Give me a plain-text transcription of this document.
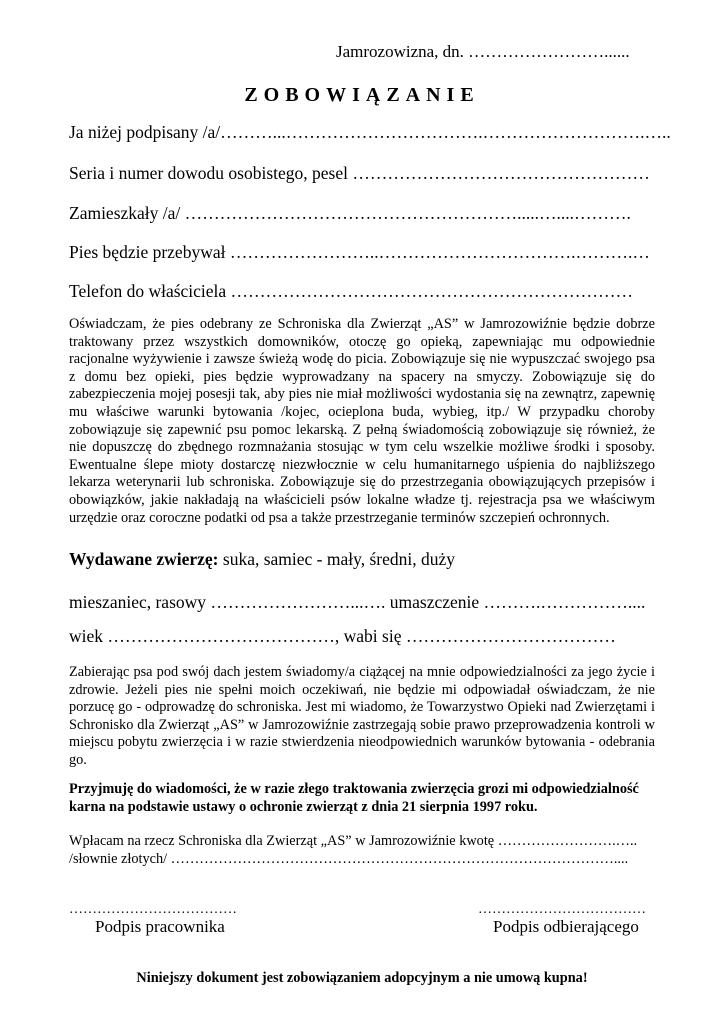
Jamrozowizna, dn. ……………………......
ZOBOWIĄZANIE
Ja niżej podpisany /a/………...…………………………….……………………….…..
Seria i numer dowodu osobistego, pesel ……………………………………………
Zamieszkały /a/ ………………………………………………….....…....……….
Pies będzie przebywał ……………………..…………………………….……….…
Telefon do właściciela ……………………………………………………………
Oświadczam, że pies odebrany ze Schroniska dla Zwierząt „AS” w Jamrozowiźnie będzie dobrze traktowany przez wszystkich domowników, otoczę go opieką, zapewniając mu odpowiednie racjonalne wyżywienie i zawsze świeżą wodę do picia. Zobowiązuje się nie wypuszczać swojego psa z domu bez opieki, pies będzie wyprowadzany na spacery na smyczy. Zobowiązuje się do zabezpieczenia mojej posesji tak, aby pies nie miał możliwości wydostania się na zewnątrz, zapewnię mu właściwe warunki bytowania /kojec, ocieplona buda, wybieg, itp./ W przypadku choroby zobowiązuje się zapewnić psu pomoc lekarską. Z pełną świadomością zobowiązuje się również, że nie dopuszczę do zbędnego rozmnażania stosując w tym celu wszelkie możliwe środki i sposoby. Ewentualne ślepe mioty dostarczę niezwłocznie w celu humanitarnego uśpienia do najbliższego lekarza weterynarii lub schroniska. Zobowiązuje się do przestrzegania obowiązujących przepisów i obowiązków, jakie nakładają na właścicieli psów lokalne władze tj. rejestracja psa we właściwym urzędzie oraz coroczne podatki od psa a także przestrzeganie terminów szczepień ochronnych.
Wydawane zwierzę: suka, samiec - mały, średni, duży
mieszaniec, rasowy ……………………...…. umaszczenie ……….……………....
wiek …………………………………, wabi się ………………………………
Zabierając psa pod swój dach jestem świadomy/a ciążącej na mnie odpowiedzialności za jego życie i zdrowie. Jeżeli pies nie spełni moich oczekiwań, nie będzie mi odpowiadał oświadczam, że nie porzucę go - odprowadzę do schroniska. Jest mi wiadomo, że Towarzystwo Opieki nad Zwierzętami i Schronisko dla Zwierząt „AS” w Jamrozowiźnie zastrzegają sobie prawo przeprowadzenia kontroli w miejscu pobytu zwierzęcia i w razie stwierdzenia nieodpowiednich warunków bytowania - odebrania go.
Przyjmuję do wiadomości, że w razie złego traktowania zwierzęcia grozi mi odpowiedzialność karna na podstawie ustawy o ochronie zwierząt z dnia 21 sierpnia 1997 roku.
Wpłacam na rzecz Schroniska dla Zwierząt „AS” w Jamrozowiźnie kwotę …………………….…..
/słownie złotych/ …………………………………………………………………………………....
………………………………
Podpis pracownika
………………………………
Podpis odbierającego
Niniejszy dokument jest zobowiązaniem adopcyjnym a nie umową kupna!
